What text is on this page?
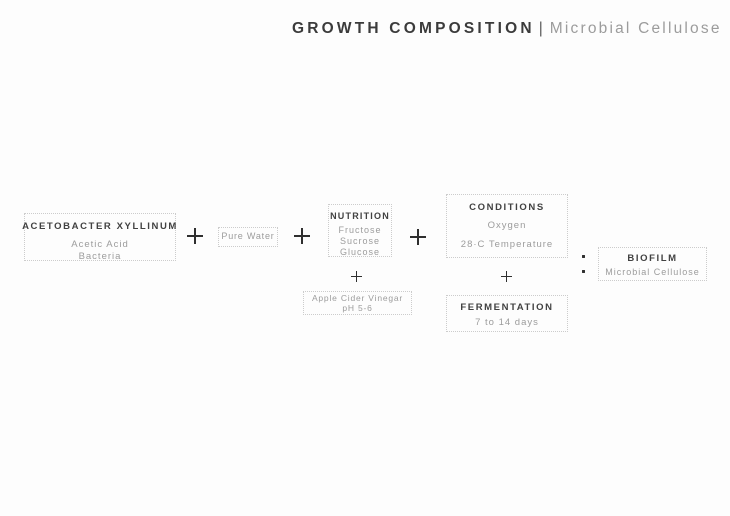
GROWTH COMPOSITION | Microbial Cellulose
ACETOBACTER XYLLINUM
Acetic Acid
Bacteria
Pure Water
NUTRITION
Fructose
Sucrose
Glucose
Apple Cider Vinegar
pH 5-6
CONDITIONS
Oxygen
28·C Temperature
FERMENTATION
7 to 14 days
BIOFILM
Microbial Cellulose
